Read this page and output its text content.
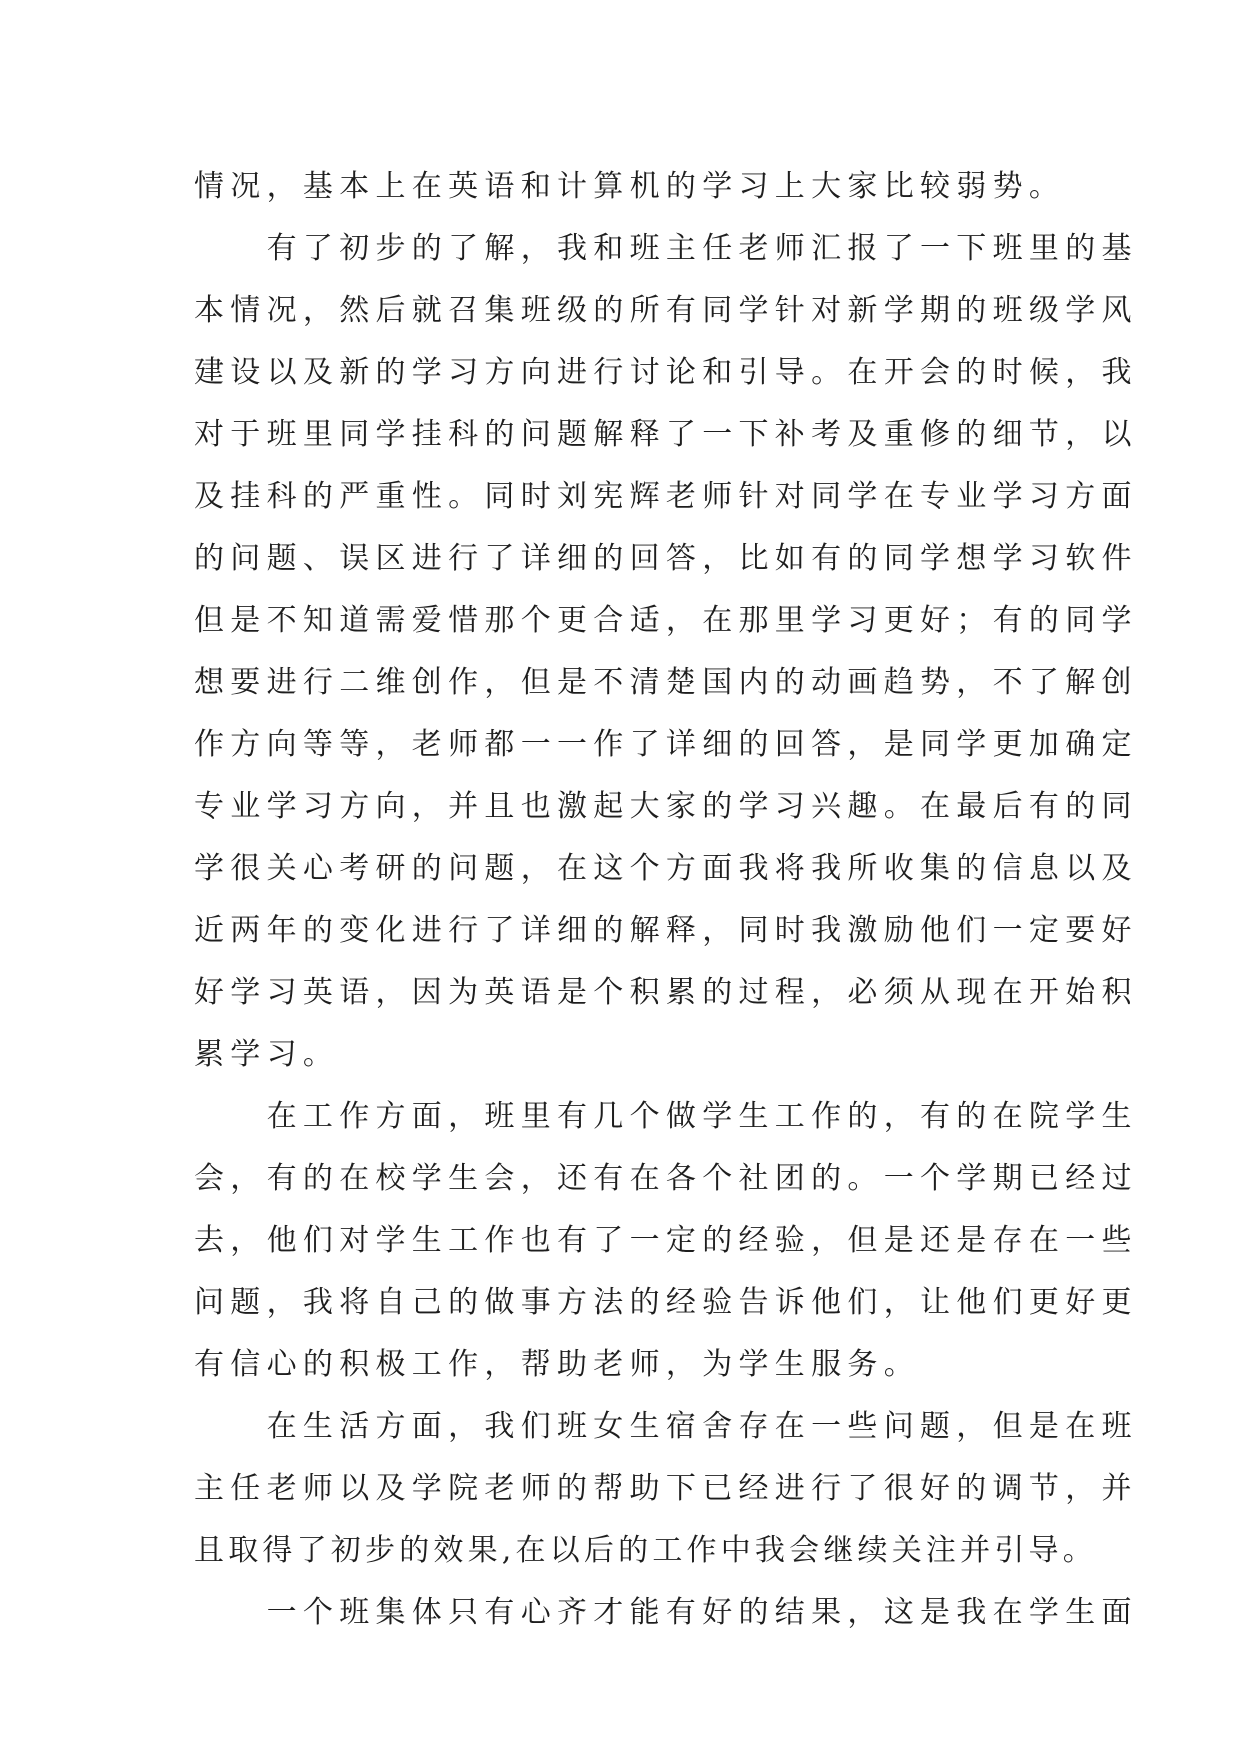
情况，基本上在英语和计算机的学习上大家比较弱势。
　　有了初步的了解，我和班主任老师汇报了一下班里的基
本情况，然后就召集班级的所有同学针对新学期的班级学风
建设以及新的学习方向进行讨论和引导。在开会的时候，我
对于班里同学挂科的问题解释了一下补考及重修的细节，以
及挂科的严重性。同时刘宪辉老师针对同学在专业学习方面
的问题、误区进行了详细的回答，比如有的同学想学习软件
但是不知道需爱惜那个更合适，在那里学习更好；有的同学
想要进行二维创作，但是不清楚国内的动画趋势，不了解创
作方向等等，老师都一一作了详细的回答，是同学更加确定
专业学习方向，并且也激起大家的学习兴趣。在最后有的同
学很关心考研的问题，在这个方面我将我所收集的信息以及
近两年的变化进行了详细的解释，同时我激励他们一定要好
好学习英语，因为英语是个积累的过程，必须从现在开始积
累学习。
　　在工作方面，班里有几个做学生工作的，有的在院学生
会，有的在校学生会，还有在各个社团的。一个学期已经过
去，他们对学生工作也有了一定的经验，但是还是存在一些
问题，我将自己的做事方法的经验告诉他们，让他们更好更
有信心的积极工作，帮助老师，为学生服务。
　　在生活方面，我们班女生宿舍存在一些问题，但是在班
主任老师以及学院老师的帮助下已经进行了很好的调节，并
且取得了初步的效果,在以后的工作中我会继续关注并引导。
　　一个班集体只有心齐才能有好的结果，这是我在学生面
